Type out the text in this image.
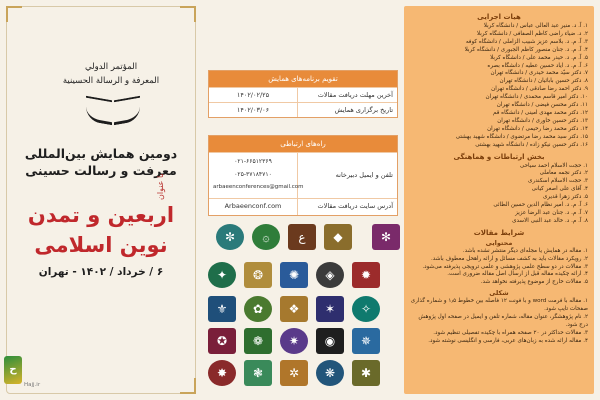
المؤتمر الدولي
المعرفة و الرسالة الحسينية
دومین همایش بین‌المللی
معرفت و رسالت حسینی
با عنوان
اربعین و تمدن
نوین اسلامی
۶ / خرداد / ۱۴۰۲ - تهران
ح
Hajj.ir
تقویم برنامه‌های همایش
آخرین مهلت دریافت مقالات
۱۴۰۲/۰۲/۲۵
تاریخ برگزاری همایش
۱۴۰۲/۰۳/۰۶
راه‌های ارتباطی
تلفن و ایمیل دبیرخانه
۰۲۱-۶۶۵۱۲۳۶۹
۰۲۵-۳۷۱۸۴۷۱۰
arbaeenconferences@gmail.com
آدرس سایت دریافت مقالات
Arbaeenconf.com
۞	ع	◆
✦	❂	✺	◈	✹
⚜	✿	❖	✶	✧
✪	❁	✷	◉	✵
✸	❃	✲	❋	✱
✻
✼
هیات اجرایی
۱. آ. د. منیر عبد العالی عباس / دانشگاه کربلا
۲. د. ضیاء راضی کاظم الصفافی / دانشگاه کربلا
۳. آ. م. د. بلاسم عزیز شبیب الزاملی / دانشگاه کوفه
۴. آ. م. د. جنان منصور کاظم الجبوری / دانشگاه کربلا
۵. آ. م. د. حیدر محمد علی / دانشگاه کربلا
۶. آ. م. د. ایاد حسین عطیه / دانشگاه بصره
۷. دکتر سیّد محمد حیدری / دانشگاه تهران
۸. دکتر حسین بابائیان / دانشگاه تهران
۹. دکتر احمد رضا صادقی / دانشگاه تهران
۱۰. دکتر امیر قاسم محمدی / دانشگاه تهران
۱۱. دکتر محسن فیضی / دانشگاه تهران
۱۲. دکتر محمد مهدی امینی / دانشگاه قم
۱۳. دکتر حسین خاوری / دانشگاه تهران
۱۴. دکتر محمد رضا رحیمی / دانشگاه تهران
۱۵. دکتر سید محمد رضا مرتضوی / دانشگاه شهید بهشتی
۱۶. دکتر حسین نیکو زاده / دانشگاه شهید بهشتی
بخش ارتباطات و هماهنگی
۱. حجت الاسلام احمد سیاحی
۲. دکتر نجمه معاملی
۳. حجت الاسلام اسکندری
۴. آقای علی اصغر کیانی
۵. دکتر زهرا قدیری
۶. آ. م. د. امیر نظام الدین حسین الطائی
۷. آ. م. د. جنان عبد الرضا عزیز
۸. آ. م. د. خالد عبد النبی الاسدی
شرایط مقالات
محتوایی
۱. مقاله در همایش یا مجله‌ای دیگر منتشر نشده باشد.
۲. رویکرد مقالات باید به کشف مسائل و ارائه راهحل معطوف باشد.
۳. مقالات در دو سطح علمی پژوهشی و علمی ترویجی پذیرفته می‌شود.
۴. ارائه چکیده مقاله قبل از ارسال اصل مقاله ضروری است.
۵. مقالات خارج از موضوع پذیرفته نخواهد شد.
شکلی
۱. مقاله با فرمت word و با فونت ۱۲ فاصله بین خطوط ۱٫۵ و شماره گذاری صفحات تایپ شود.
۲. نام پژوهشگر، عنوان مقاله، شماره تلفن و ایمیل در صفحه اول پژوهش درج شود.
۳. مقالات حداکثر در ۲۰ صفحه همراه با چکیده تفصیلی تنظیم شود.
۴. مقاله ارائه شده به زبان‌های عربی، فارسی و انگلیسی نوشته شود.
